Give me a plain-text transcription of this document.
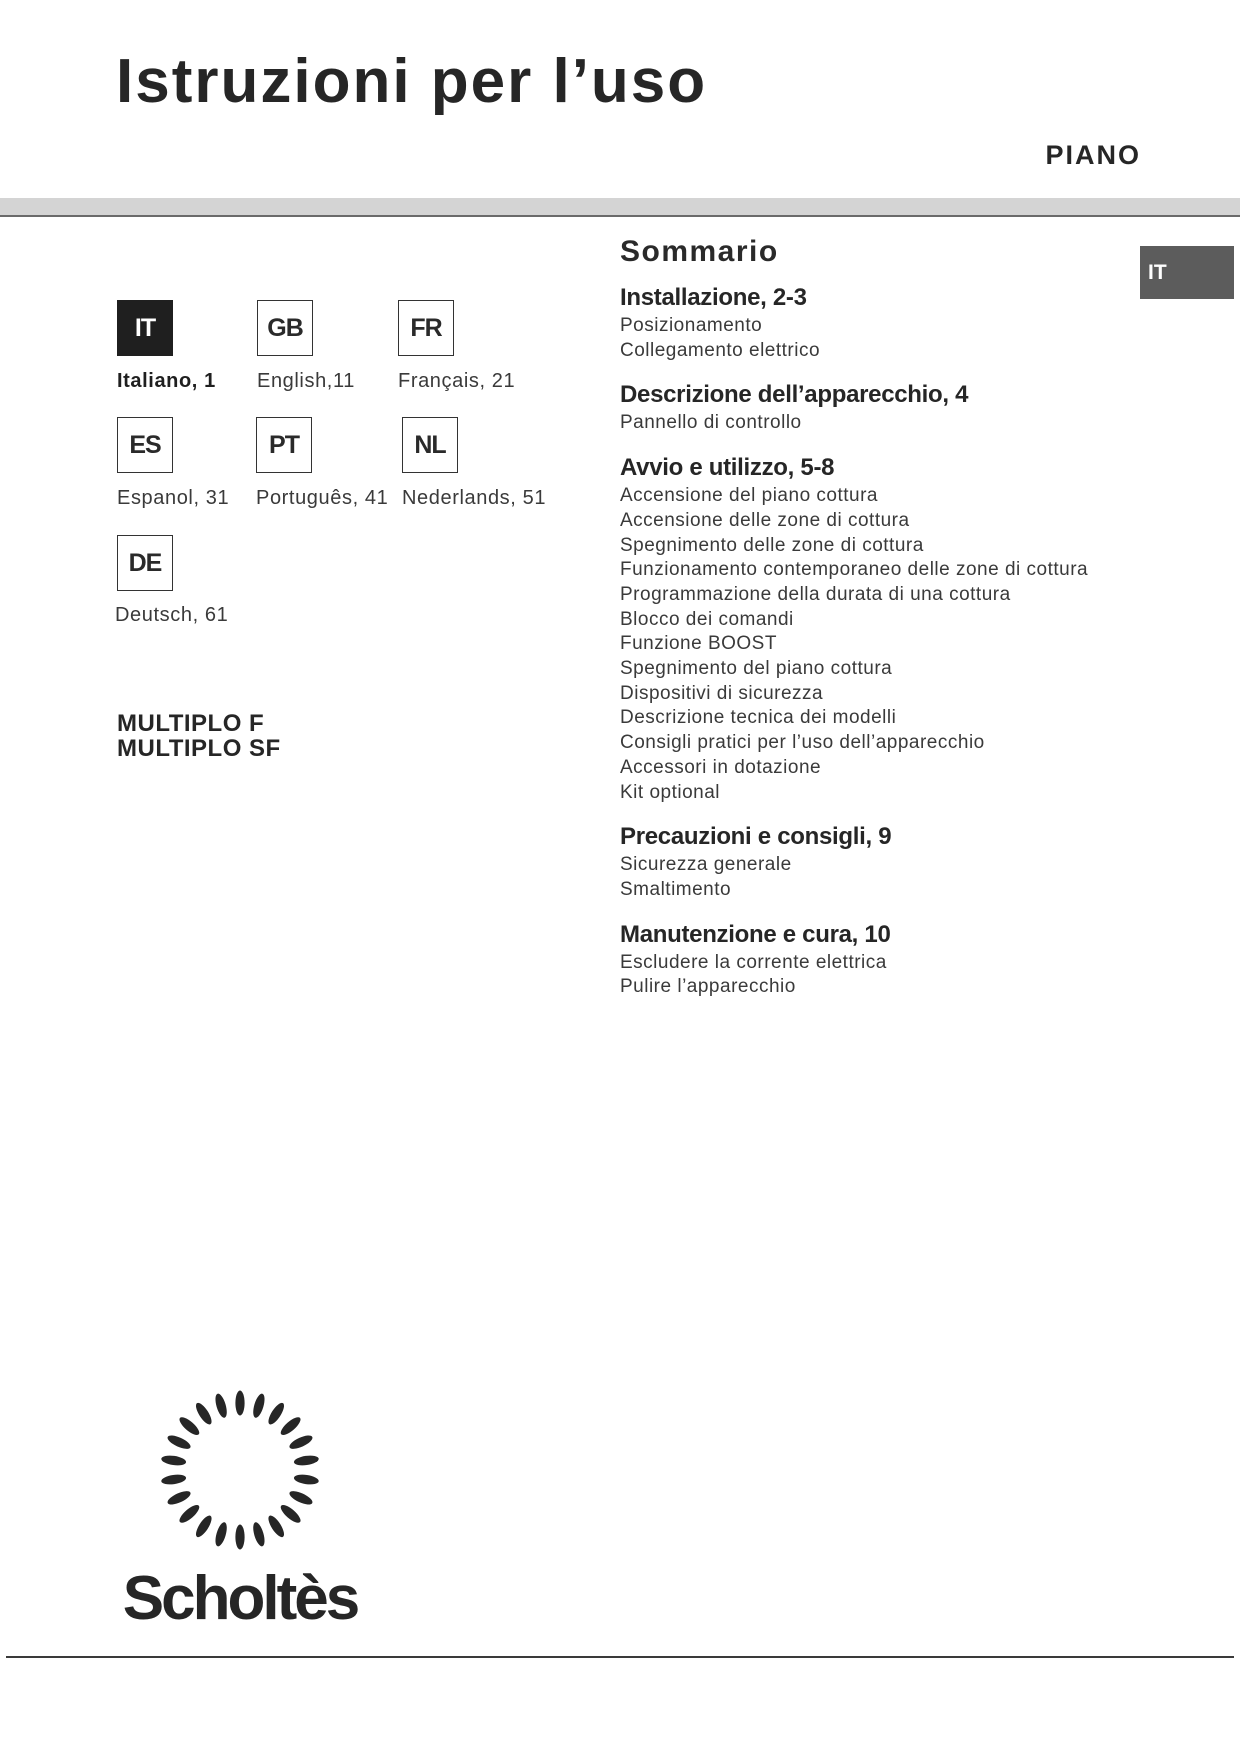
Istruzioni per l’uso
PIANO
IT
IT
Italiano, 1
GB
English,11
FR
Français, 21
ES
Espanol, 31
PT
Português, 41
NL
Nederlands, 51
DE
Deutsch, 61
MULTIPLO F
MULTIPLO SF
Sommario
Installazione, 2-3
Posizionamento
Collegamento elettrico
Descrizione dell’apparecchio, 4
Pannello di controllo
Avvio e utilizzo, 5-8
Accensione del piano cottura
Accensione delle zone di cottura
Spegnimento delle zone di cottura
Funzionamento contemporaneo delle zone di cottura
Programmazione della durata di una cottura
Blocco dei comandi
Funzione BOOST
Spegnimento del piano cottura
Dispositivi di sicurezza
Descrizione tecnica dei modelli
Consigli pratici per l’uso dell’apparecchio
Accessori in dotazione
Kit optional
Precauzioni e consigli, 9
Sicurezza generale
Smaltimento
Manutenzione e cura, 10
Escludere la corrente elettrica
Pulire l’apparecchio
Scholtès
